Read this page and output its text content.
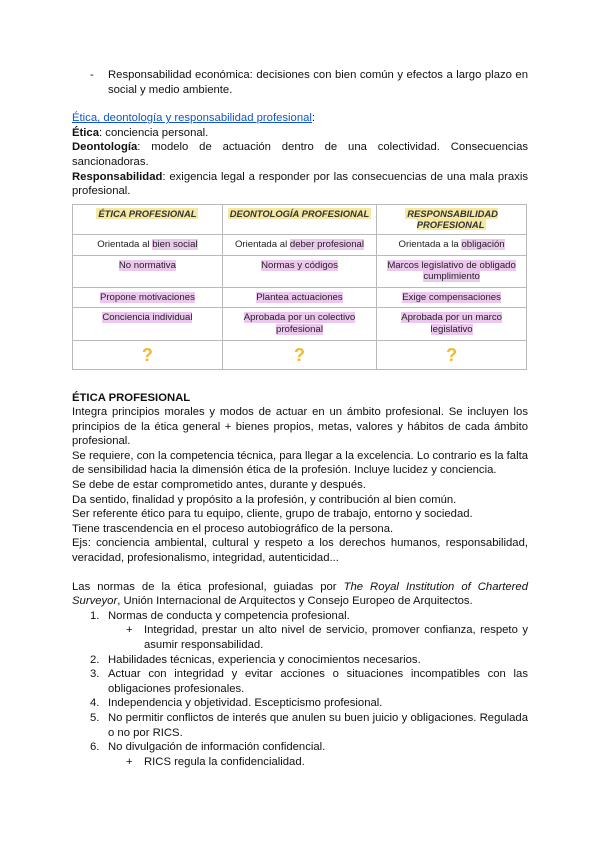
- Responsabilidad económica: decisiones con bien común y efectos a largo plazo en social y medio ambiente.

Ética, deontología y responsabilidad profesional:

Ética: conciencia personal.

Deontología: modelo de actuación dentro de una colectividad. Consecuencias sancionadoras.

Responsabilidad: exigencia legal a responder por las consecuencias de una mala praxis profesional.

ÉTICA PROFESIONAL	DEONTOLOGÍA PROFESIONAL	RESPONSABILIDAD PROFESIONAL
Orientada al bien social	Orientada al deber profesional	Orientada a la obligación
No normativa	Normas y códigos	Marcos legislativo de obligado cumplimiento
Propone motivaciones	Plantea actuaciones	Exige compensaciones
Conciencia individual	Aprobada por un colectivo profesional	Aprobada por un marco legislativo
?	?	?

ÉTICA PROFESIONAL

Integra principios morales y modos de actuar en un ámbito profesional. Se incluyen los principios de la ética general + bienes propios, metas, valores y hábitos de cada ámbito profesional.

Se requiere, con la competencia técnica, para llegar a la excelencia. Lo contrario es la falta de sensibilidad hacia la dimensión ética de la profesión. Incluye lucidez y conciencia.

Se debe de estar comprometido antes, durante y después.

Da sentido, finalidad y propósito a la profesión, y contribución al bien común.

Ser referente ético para tu equipo, cliente, grupo de trabajo, entorno y sociedad.

Tiene trascendencia en el proceso autobiográfico de la persona.

Ejs: conciencia ambiental, cultural y respeto a los derechos humanos, responsabilidad, veracidad, profesionalismo, integridad, autenticidad...

Las normas de la ética profesional, guiadas por The Royal Institution of Chartered Surveyor, Unión Internacional de Arquitectos y Consejo Europeo de Arquitectos.

1. Normas de conducta y competencia profesional.

+ Integridad, prestar un alto nivel de servicio, promover confianza, respeto y asumir responsabilidad.

2. Habilidades técnicas, experiencia y conocimientos necesarios.

3. Actuar con integridad y evitar acciones o situaciones incompatibles con las obligaciones profesionales.

4. Independencia y objetividad. Escepticismo profesional.

5. No permitir conflictos de interés que anulen su buen juicio y obligaciones. Regulada o no por RICS.

6. No divulgación de información confidencial.

+ RICS regula la confidencialidad.
